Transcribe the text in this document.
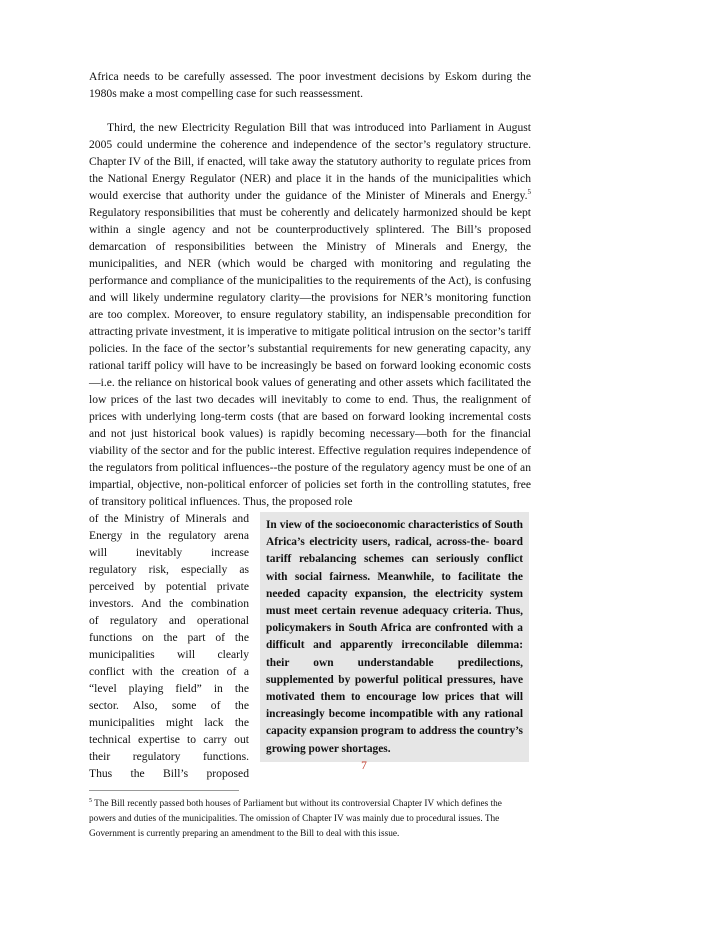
Africa needs to be carefully assessed. The poor investment decisions by Eskom during the 1980s make a most compelling case for such reassessment.

Third, the new Electricity Regulation Bill that was introduced into Parliament in August 2005 could undermine the coherence and independence of the sector’s regulatory structure. Chapter IV of the Bill, if enacted, will take away the statutory authority to regulate prices from the National Energy Regulator (NER) and place it in the hands of the municipalities which would exercise that authority under the guidance of the Minister of Minerals and Energy.$^5$ Regulatory responsibilities that must be coherently and delicately harmonized should be kept within a single agency and not be counterproductively splintered. The Bill’s proposed demarcation of responsibilities between the Ministry of Minerals and Energy, the municipalities, and NER (which would be charged with monitoring and regulating the performance and compliance of the municipalities to the requirements of the Act), is confusing and will likely undermine regulatory clarity—the provisions for NER’s monitoring function are too complex. Moreover, to ensure regulatory stability, an indispensable precondition for attracting private investment, it is imperative to mitigate political intrusion on the sector’s tariff policies. In the face of the sector’s substantial requirements for new generating capacity, any rational tariff policy will have to be increasingly be based on forward looking economic costs—i.e. the reliance on historical book values of generating and other assets which facilitated the low prices of the last two decades will inevitably to come to end. Thus, the realignment of prices with underlying long-term costs (that are based on forward looking incremental costs and not just historical book values) is rapidly becoming necessary—both for the financial viability of the sector and for the public interest. Effective regulation requires independence of the regulators from political influences--the posture of the regulatory agency must be one of an impartial, objective, non-political enforcer of policies set forth in the controlling statutes, free of transitory political influences. Thus, the proposed role

of the Ministry of Minerals and
Energy in the regulatory arena
will inevitably increase
regulatory risk, especially as
perceived by potential private
investors. And the combination
of regulatory and operational
functions on the part of the
municipalities will clearly
conflict with the creation of a
“level playing field” in the
sector. Also, some of the
municipalities might lack the
technical expertise to carry out
their regulatory functions.
Thus the Bill’s proposed

In view of the socioeconomic characteristics of South Africa’s electricity users, radical, across-the- board tariff rebalancing schemes can seriously conflict with social fairness. Meanwhile, to facilitate the needed capacity expansion, the electricity system must meet certain revenue adequacy criteria. Thus, policymakers in South Africa are confronted with a difficult and apparently irreconcilable dilemma: their own understandable predilections, supplemented by powerful political pressures, have motivated them to encourage low prices that will increasingly become incompatible with any rational capacity expansion program to address the country’s growing power shortages.

$^5$ The Bill recently passed both houses of Parliament but without its controversial Chapter IV which defines the powers and duties of the municipalities. The omission of Chapter IV was mainly due to procedural issues. The Government is currently preparing an amendment to the Bill to deal with this issue.

7
